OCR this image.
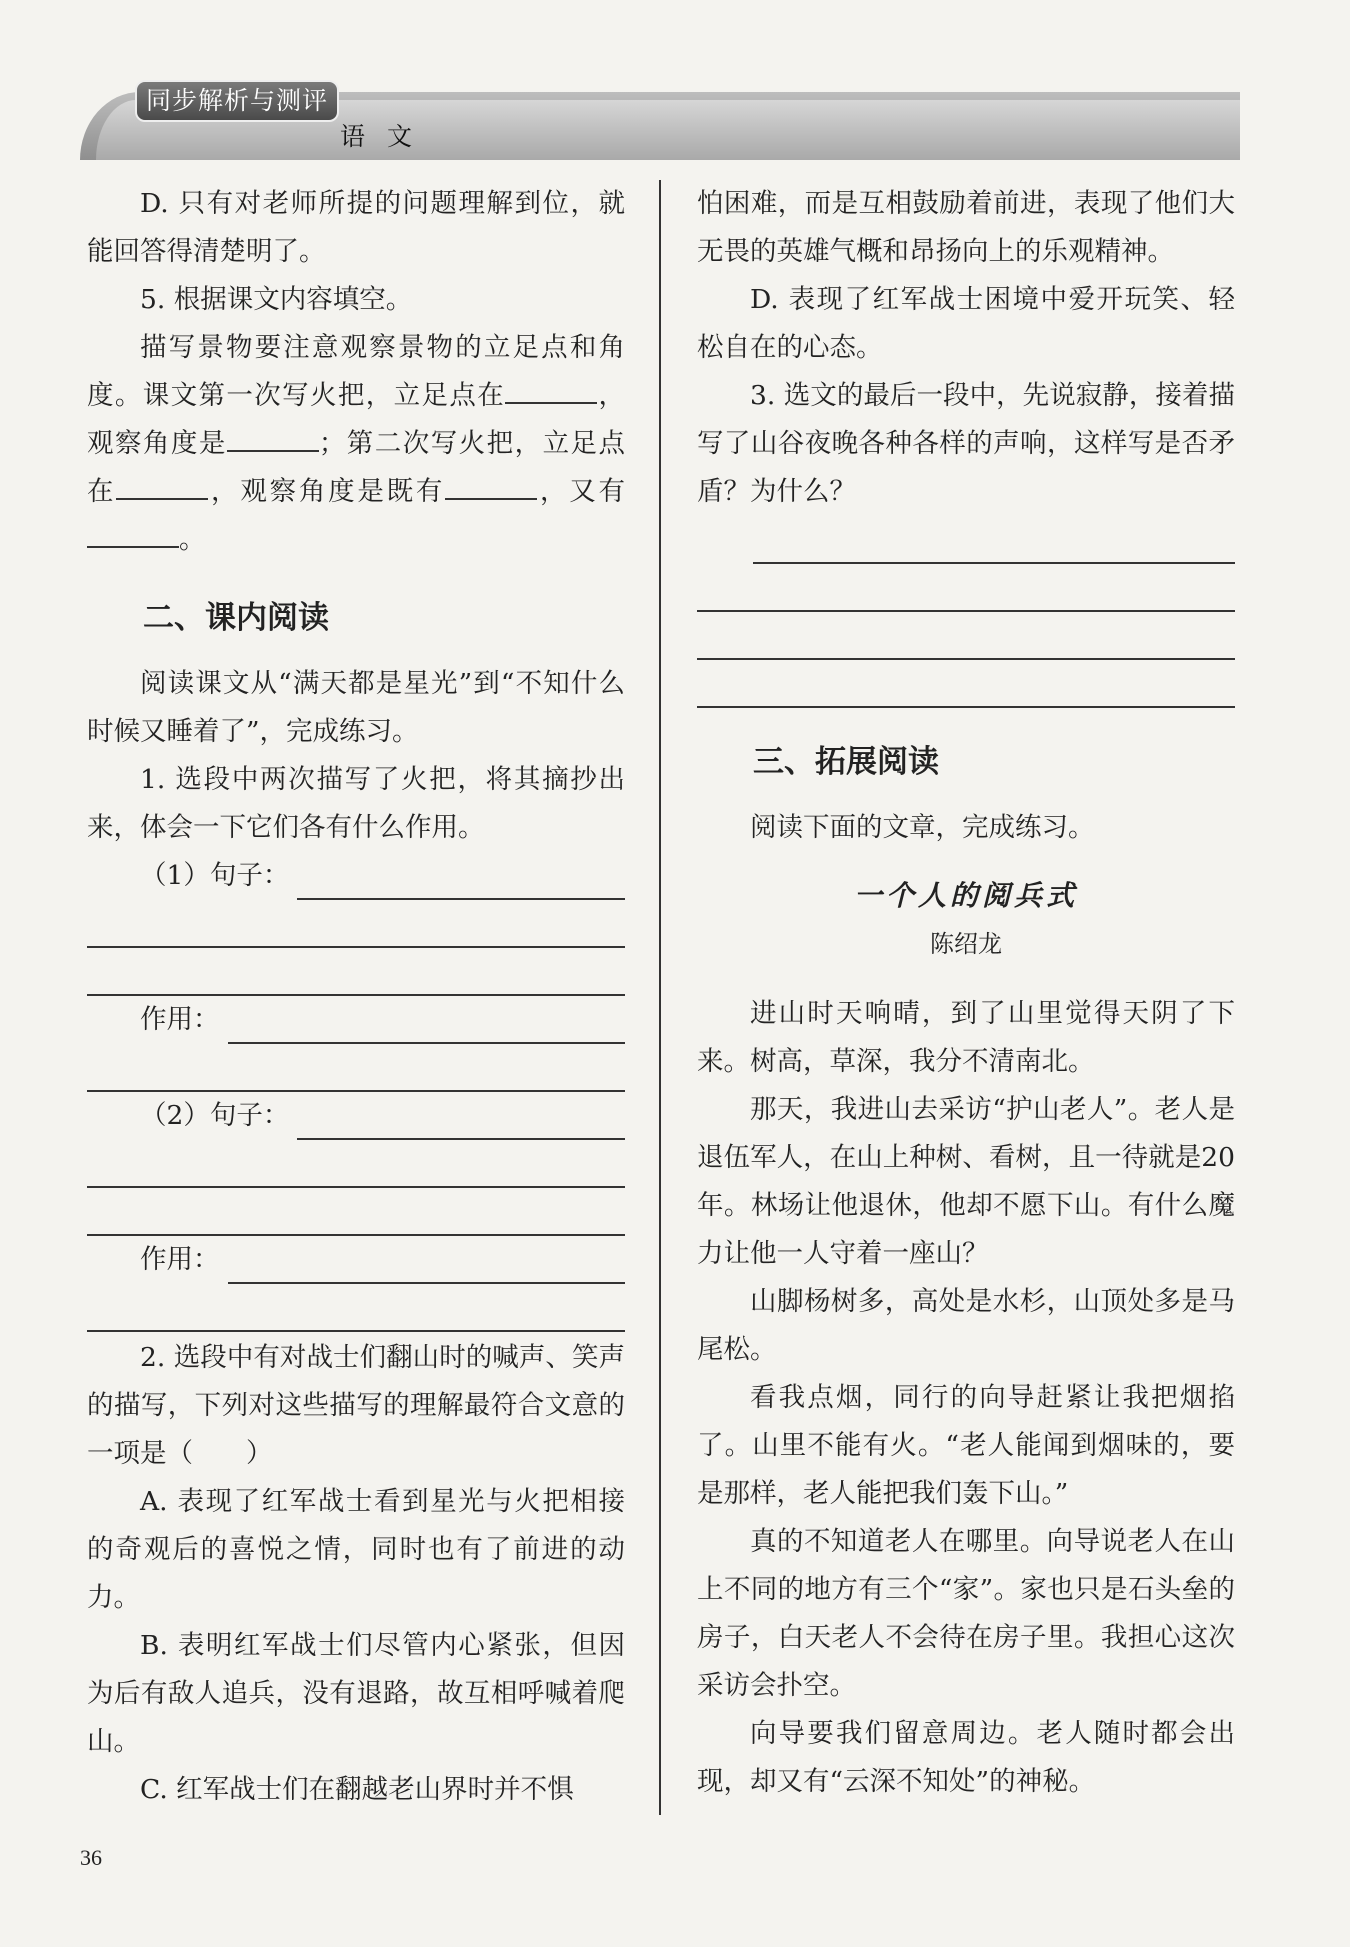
同步解析与测评
语文

D. 只有对老师所提的问题理解到位，就能回答得清楚明了。

5. 根据课文内容填空。

描写景物要注意观察景物的立足点和角度。课文第一次写火把，立足点在	，观察角度是	；第二次写火把，立足点在	，观察角度是既有	，又有。

二、课内阅读

阅读课文从“满天都是星光”到“不知什么时候又睡着了”，完成练习。

1. 选段中两次描写了火把，将其摘抄出来，体会一下它们各有什么作用。

（1）句子：
作用：
（2）句子：
作用：

2. 选段中有对战士们翻山时的喊声、笑声的描写，下列对这些描写的理解最符合文意的一项是（　　）

A. 表现了红军战士看到星光与火把相接的奇观后的喜悦之情，同时也有了前进的动力。

B. 表明红军战士们尽管内心紧张，但因为后有敌人追兵，没有退路，故互相呼喊着爬山。

C. 红军战士们在翻越老山界时并不惧

怕困难，而是互相鼓励着前进，表现了他们大无畏的英雄气概和昂扬向上的乐观精神。

D. 表现了红军战士困境中爱开玩笑、轻松自在的心态。

3. 选文的最后一段中，先说寂静，接着描写了山谷夜晚各种各样的声响，这样写是否矛盾？为什么？

三、拓展阅读

阅读下面的文章，完成练习。

一个人的阅兵式
陈绍龙

进山时天响晴，到了山里觉得天阴了下来。树高，草深，我分不清南北。

那天，我进山去采访“护山老人”。老人是退伍军人，在山上种树、看树，且一待就是20年。林场让他退休，他却不愿下山。有什么魔力让他一人守着一座山？

山脚杨树多，高处是水杉，山顶处多是马尾松。

看我点烟，同行的向导赶紧让我把烟掐了。山里不能有火。“老人能闻到烟味的，要是那样，老人能把我们轰下山。”

真的不知道老人在哪里。向导说老人在山上不同的地方有三个“家”。家也只是石头垒的房子，白天老人不会待在房子里。我担心这次采访会扑空。

向导要我们留意周边。老人随时都会出现，却又有“云深不知处”的神秘。

36
